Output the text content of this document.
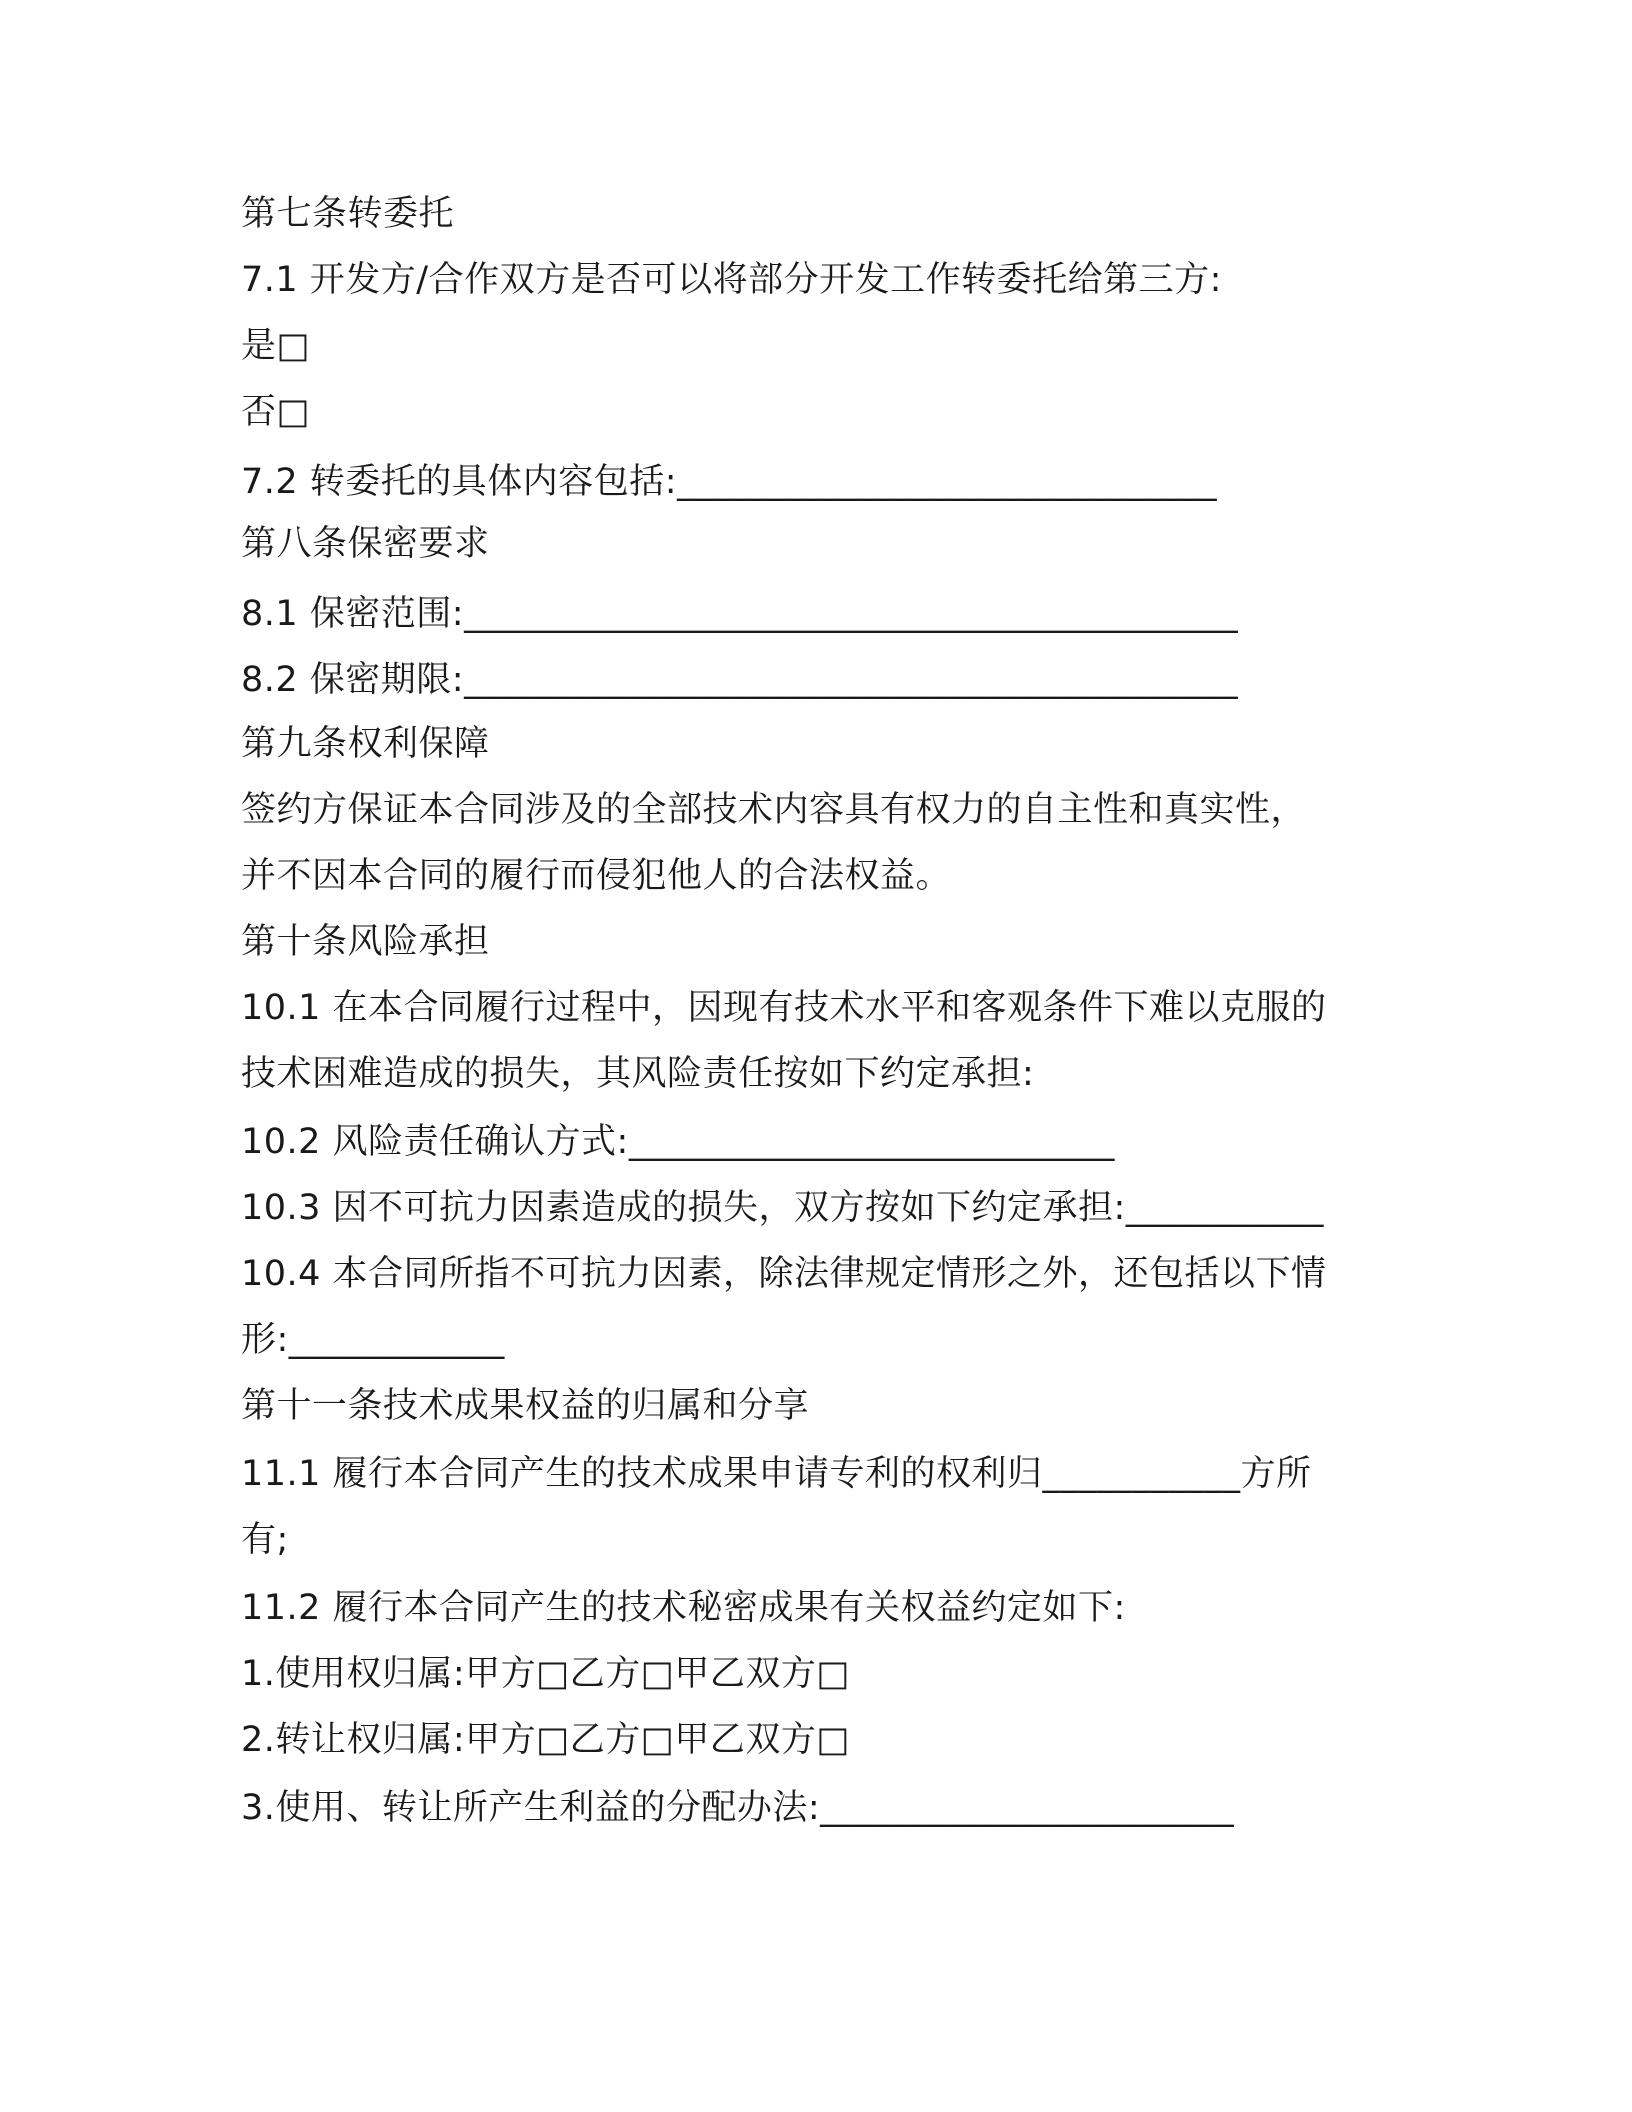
第七条转委托
7.1 开发方/合作双方是否可以将部分开发工作转委托给第三方:
是□
否□
7.2 转委托的具体内容包括:______________________________
第八条保密要求
8.1 保密范围:___________________________________________
8.2 保密期限:___________________________________________
第九条权利保障
签约方保证本合同涉及的全部技术内容具有权力的自主性和真实性，
并不因本合同的履行而侵犯他人的合法权益。
第十条风险承担
10.1 在本合同履行过程中，因现有技术水平和客观条件下难以克服的
技术困难造成的损失，其风险责任按如下约定承担:
10.2 风险责任确认方式:___________________________
10.3 因不可抗力因素造成的损失，双方按如下约定承担:___________
10.4 本合同所指不可抗力因素，除法律规定情形之外，还包括以下情
形:____________
第十一条技术成果权益的归属和分享
11.1 履行本合同产生的技术成果申请专利的权利归___________方所
有;
11.2 履行本合同产生的技术秘密成果有关权益约定如下:
1.使用权归属:甲方□乙方□甲乙双方□
2.转让权归属:甲方□乙方□甲乙双方□
3.使用、转让所产生利益的分配办法:_______________________
